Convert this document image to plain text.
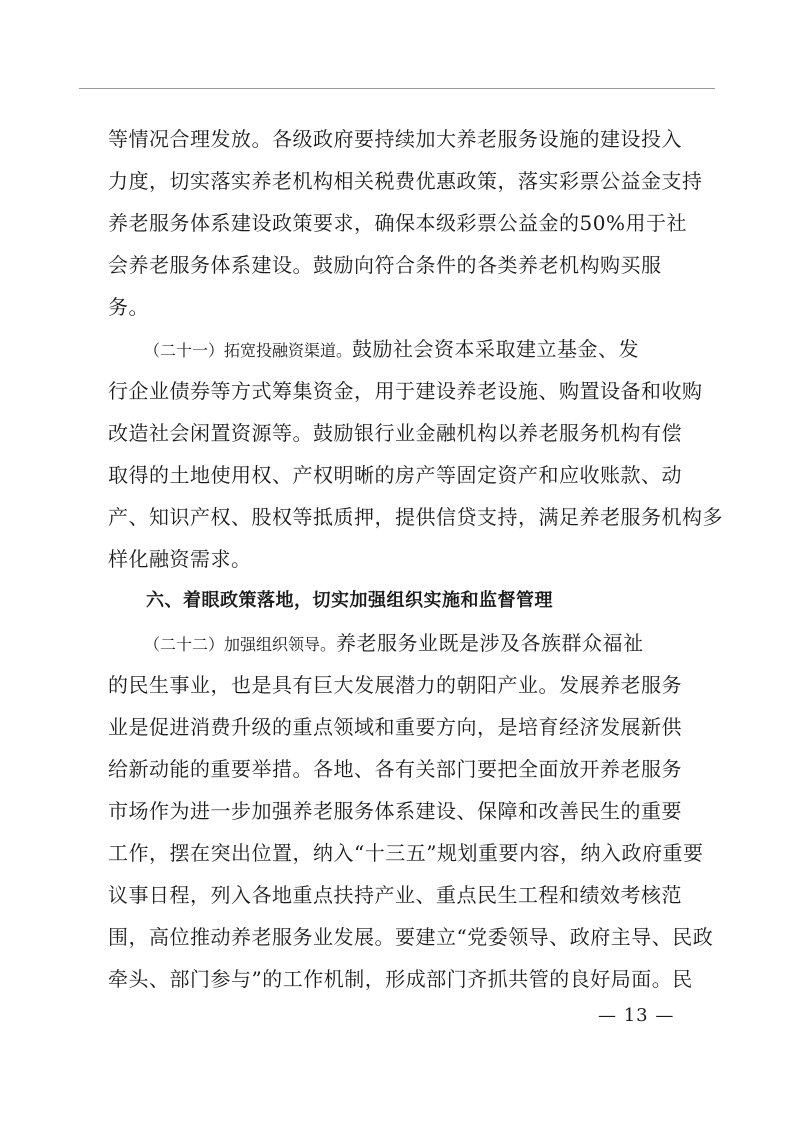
等情况合理发放。各级政府要持续加大养老服务设施的建设投入
力度，切实落实养老机构相关税费优惠政策，落实彩票公益金支持
养老服务体系建设政策要求，确保本级彩票公益金的50%用于社
会养老服务体系建设。鼓励向符合条件的各类养老机构购买服
务。
（二十一）拓宽投融资渠道。鼓励社会资本采取建立基金、发
行企业债券等方式筹集资金，用于建设养老设施、购置设备和收购
改造社会闲置资源等。鼓励银行业金融机构以养老服务机构有偿
取得的土地使用权、产权明晰的房产等固定资产和应收账款、动
产、知识产权、股权等抵质押，提供信贷支持，满足养老服务机构多
样化融资需求。
六、着眼政策落地，切实加强组织实施和监督管理
（二十二）加强组织领导。养老服务业既是涉及各族群众福祉
的民生事业，也是具有巨大发展潜力的朝阳产业。发展养老服务
业是促进消费升级的重点领域和重要方向，是培育经济发展新供
给新动能的重要举措。各地、各有关部门要把全面放开养老服务
市场作为进一步加强养老服务体系建设、保障和改善民生的重要
工作，摆在突出位置，纳入“十三五”规划重要内容，纳入政府重要
议事日程，列入各地重点扶持产业、重点民生工程和绩效考核范
围，高位推动养老服务业发展。要建立“党委领导、政府主导、民政
牵头、部门参与”的工作机制，形成部门齐抓共管的良好局面。民
— 13 —
